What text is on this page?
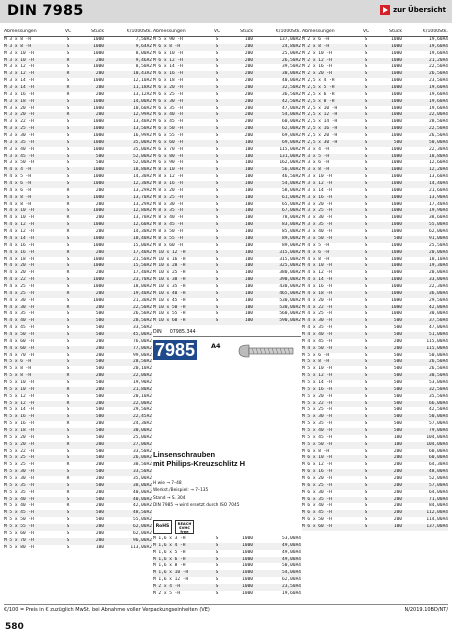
DIN 7985	zur Übersicht
Abmessungen	VC	Stück	€/1000Stk.
M 3 x 8 -H	S	1000	7,50A2
M 3 x 8 -H	S	1000	9,64A2
M 3 x 10 -H	S	1000	8,00A2
M 3 x 10 -H	R	200	9,46A2
M 3 x 12 -H	S	1000	8,50A2
M 3 x 12 -H	R	200	10,43A2
M 3 x 14 -H	S	1000	12,10A2
M 3 x 14 -H	R	200	11,18A2
M 3 x 16 -H	R	200	13,12A2
M 3 x 18 -H	S	1000	14,00A2
M 3 x 20 -H	S	1000	10,60A2
M 3 x 20 -H	R	200	12,99A2
M 3 x 22 -H	S	1000	13,40A2
M 3 x 25 -H	S	1000	13,50A2
M 3 x 30 -H	S	1000	16,99A2
M 3 x 35 -H	S	1000	35,00A2
M 3 x 40 -H	S	1000	35,00A2
M 3 x 45 -H	S	500	52,00A2
M 3 x 50 -H	S	500	52,00A2
M 4 x 4 -H	S	1000	18,80A2
M 4 x 5 -H	S	1000	14,30A2
M 4 x 6 -H	S	1000	12,30A2
M 4 x 6 -H	R	200	13,29A2
M 4 x 8 -H	S	1000	13,70A2
M 4 x 8 -H	R	200	13,29A2
M 4 x 10 -H	S	1000	12,80A2
M 4 x 10 -H	R	200	13,70A2
M 4 x 12 -H	S	1000	12,60A2
M 4 x 12 -H	R	200	14,30A2
M 4 x 14 -H	S	1000	18,40A2
M 4 x 16 -H	S	1000	15,00A2
M 4 x 16 -H	R	200	17,40A2
M 4 x 18 -H	S	1000	21,50A2
M 4 x 20 -H	S	1000	15,50A2
M 4 x 20 -H	R	200	17,40A2
M 4 x 22 -H	S	1000	23,70A2
M 4 x 25 -H	S	1000	18,00A2
M 4 x 25 -H	R	200	19,40A2
M 4 x 30 -H	S	1000	21,30A2
M 4 x 30 -H	R	200	22,50A2
M 4 x 35 -H	S	500	26,50A2
M 4 x 40 -H	S	500	28,50A2
M 4 x 45 -H	S	500	33,50A2
M 4 x 50 -H	S	500	45,00A2
M 4 x 60 -H	S	200	76,00A2
M 4 x 60 -H	S	200	77,00A2
M 4 x 70 -H	S	200	99,00A2
M 5 x 6 -H	S	500	28,50A2
M 5 x 8 -H	S	500	20,10A2
M 5 x 8 -H	R	200	22,00A2
M 5 x 10 -H	S	500	19,90A2
M 5 x 10 -H	R	200	21,80A2
M 5 x 12 -H	S	500	20,10A2
M 5 x 12 -H	R	200	22,00A2
M 5 x 14 -H	S	500	29,50A2
M 5 x 16 -H	S	500	22,45A2
M 5 x 16 -H	R	200	24,30A2
M 5 x 18 -H	S	500	30,00A2
M 5 x 20 -H	S	500	25,00A2
M 5 x 20 -H	R	200	27,00A2
M 5 x 22 -H	S	500	33,50A2
M 5 x 25 -H	S	500	26,00A2
M 5 x 25 -H	R	200	30,50A2
M 5 x 30 -H	S	500	33,50A2
M 5 x 30 -H	R	200	35,00A2
M 5 x 35 -H	S	500	38,00A2
M 5 x 35 -H	R	200	40,00A2
M 5 x 40 -H	S	500	40,00A2
M 5 x 40 -H	R	200	42,00A2
M 5 x 45 -H	S	500	48,50A2
M 5 x 50 -H	S	500	55,00A2
M 5 x 55 -H	S	200	62,00A2
M 5 x 60 -H	S	200	62,00A2
M 5 x 70 -H	S	200	96,00A2
M 5 x 80 -H	S	100	113,00A2
Abmessungen	VC	Stück	€/1000Stk.
M 5 x 90 -H	S	100	137,00A2
M 6 x 8 -H	S	200	24,80A2
M 6 x 10 -H	S	200	25,00A2
M 6 x 12 -H	S	200	26,50A2
M 6 x 14 -H	S	200	39,50A2
M 6 x 16 -H	S	200	30,00A2
M 6 x 18 -H	S	200	40,00A2
M 6 x 20 -H	S	200	32,50A2
M 6 x 25 -H	S	200	36,50A2
M 6 x 30 -H	S	200	42,50A2
M 6 x 35 -H	S	200	47,00A2
M 6 x 40 -H	S	200	54,00A2
M 6 x 45 -H	S	200	60,00A2
M 6 x 50 -H	S	200	62,00A2
M 6 x 55 -H	S	200	69,00A2
M 6 x 60 -H	S	100	69,00A2
M 6 x 70 -H	S	100	115,00A2
M 6 x 80 -H	S	100	131,00A2
M 6 x 90 -H	S	100	162,00A2
M 8 x 10 -H	S	100	56,00A2
M 8 x 12 -H	S	100	46,50A2
M 8 x 16 -H	S	100	54,00A2
M 8 x 20 -H	S	100	58,00A2
M 8 x 25 -H	S	100	61,00A2
M 8 x 30 -H	S	100	65,00A2
M 8 x 35 -H	S	100	67,00A2
M 8 x 40 -H	S	100	78,00A2
M 8 x 45 -H	S	100	83,00A2
M 8 x 50 -H	S	100	85,00A2
M 8 x 55 -H	S	100	89,00A2
M 8 x 60 -H	S	100	89,00A2
M 10 x 12 -H	S	100	315,00A2
M 10 x 16 -H	S	100	315,00A2
M 10 x 20 -H	S	100	325,00A2
M 10 x 25 -H	S	100	380,00A2
M 10 x 30 -H	S	100	390,00A2
M 10 x 35 -H	S	100	430,00A2
M 10 x 40 -H	S	100	465,00A2
M 10 x 45 -H	S	100	530,00A2
M 10 x 50 -H	S	100	530,00A2
M 10 x 55 -H	S	100	560,00A2
M 10 x 60 -H	S	100	590,00A2
DIN 07985.344
7985	A4
Linsenschrauben
mit Philips-Kreuzschlitz H
H wie → 7–48
Werkst./Beispiel: → 7–135
Stand → S. 304
DIN 7985 → wird ersetzt durch ISO 7045
RoHS	REACH SVHC free
M 1,6 x 3 -H	S	1000	53,00A4
M 1,6 x 4 -H	S	1000	49,00A4
M 1,6 x 5 -H	S	1000	49,00A4
M 1,6 x 6 -H	S	1000	49,00A4
M 1,6 x 8 -H	S	1000	50,00A4
M 1,6 x 10 -H	S	1000	54,00A4
M 1,6 x 12 -H	S	1000	62,00A4
M 2 x 4 -H	S	1000	23,50A4
M 2 x 5 -H	S	1000	19,60A4
Abmessungen	VC	Stück	€/1000Stk.
M 2 x 6 -H	S	1000	19,60A4
M 2 x 8 -H	S	1000	19,60A4
M 2 x 10 -H	S	1000	19,60A4
M 2 x 12 -H	S	1000	21,20A4
M 2 x 16 -H	S	1000	22,50A4
M 2 x 20 -H	S	1000	26,50A4
M 2,5 x 4 -H	S	1000	23,50A4
M 2,5 x 5 -H	S	1000	19,60A4
M 2,5 x 6 -H	S	1000	19,60A4
M 2,5 x 8 -H	S	1000	19,60A4
M 2,5 x 10 -H	S	1000	19,60A4
M 2,5 x 12 -H	S	1000	22,00A4
M 2,5 x 14 -H	S	1000	28,50A4
M 2,5 x 16 -H	S	1000	22,50A4
M 2,5 x 20 -H	S	1000	26,50A4
M 2,5 x 30 -H	S	500	50,00A4
M 3 x 4 -H	S	1000	22,30A4
M 3 x 5 -H	S	1000	18,80A4
M 3 x 6 -H	S	1000	12,60A4
M 3 x 8 -H	S	1000	12,20A4
M 3 x 10 -H	S	1000	13,60A4
M 3 x 12 -H	S	1000	14,40A4
M 3 x 14 -H	S	1000	21,60A4
M 3 x 16 -H	S	1000	13,90A4
M 3 x 20 -H	S	1000	17,40A4
M 3 x 25 -H	S	1000	19,90A4
M 3 x 30 -H	S	1000	38,60A4
M 3 x 35 -H	S	1000	55,00A4
M 3 x 40 -H	S	1000	62,00A4
M 3 x 50 -H	S	500	91,00A4
M 4 x 5 -H	S	1000	25,50A4
M 4 x 6 -H	S	1000	20,00A4
M 4 x 8 -H	S	1000	18,10A4
M 4 x 10 -H	S	1000	19,30A4
M 4 x 12 -H	S	1000	20,00A4
M 4 x 14 -H	S	1000	33,00A4
M 4 x 16 -H	S	1000	22,30A4
M 4 x 18 -H	S	1000	36,00A4
M 4 x 20 -H	S	1000	29,50A4
M 4 x 22 -H	S	1000	42,00A4
M 4 x 25 -H	S	1000	30,00A4
M 4 x 30 -H	S	500	37,50A4
M 4 x 35 -H	S	500	47,00A4
M 4 x 40 -H	S	500	51,00A4
M 4 x 45 -H	S	200	115,00A4
M 4 x 50 -H	S	200	115,00A4
M 5 x 6 -H	S	500	50,00A4
M 5 x 8 -H	S	500	26,50A4
M 5 x 10 -H	S	500	26,50A4
M 5 x 12 -H	S	500	30,50A4
M 5 x 14 -H	S	500	53,00A4
M 5 x 16 -H	S	500	32,50A4
M 5 x 20 -H	S	500	35,50A4
M 5 x 22 -H	S	500	66,00A4
M 5 x 25 -H	S	500	42,50A4
M 5 x 30 -H	S	500	50,00A4
M 5 x 35 -H	S	500	57,00A4
M 5 x 40 -H	S	500	79,00A4
M 5 x 45 -H	S	100	104,00A4
M 5 x 50 -H	S	100	104,00A4
M 6 x 8 -H	S	200	60,00A4
M 6 x 10 -H	S	200	60,00A4
M 6 x 12 -H	S	200	64,30A4
M 6 x 16 -H	S	200	48,00A4
M 6 x 20 -H	S	200	52,00A4
M 6 x 25 -H	S	200	57,00A4
M 6 x 30 -H	S	200	64,00A4
M 6 x 35 -H	S	200	71,00A4
M 6 x 40 -H	S	200	84,00A4
M 6 x 45 -H	S	200	112,00A4
M 6 x 50 -H	S	200	114,00A4
M 6 x 60 -H	S	100	137,00A4
€/100 = Preis in € zuzüglich MwSt. bei Abnahme voller Verpackungseinheiten (VE)	N/2019.10BD/NT/
580
